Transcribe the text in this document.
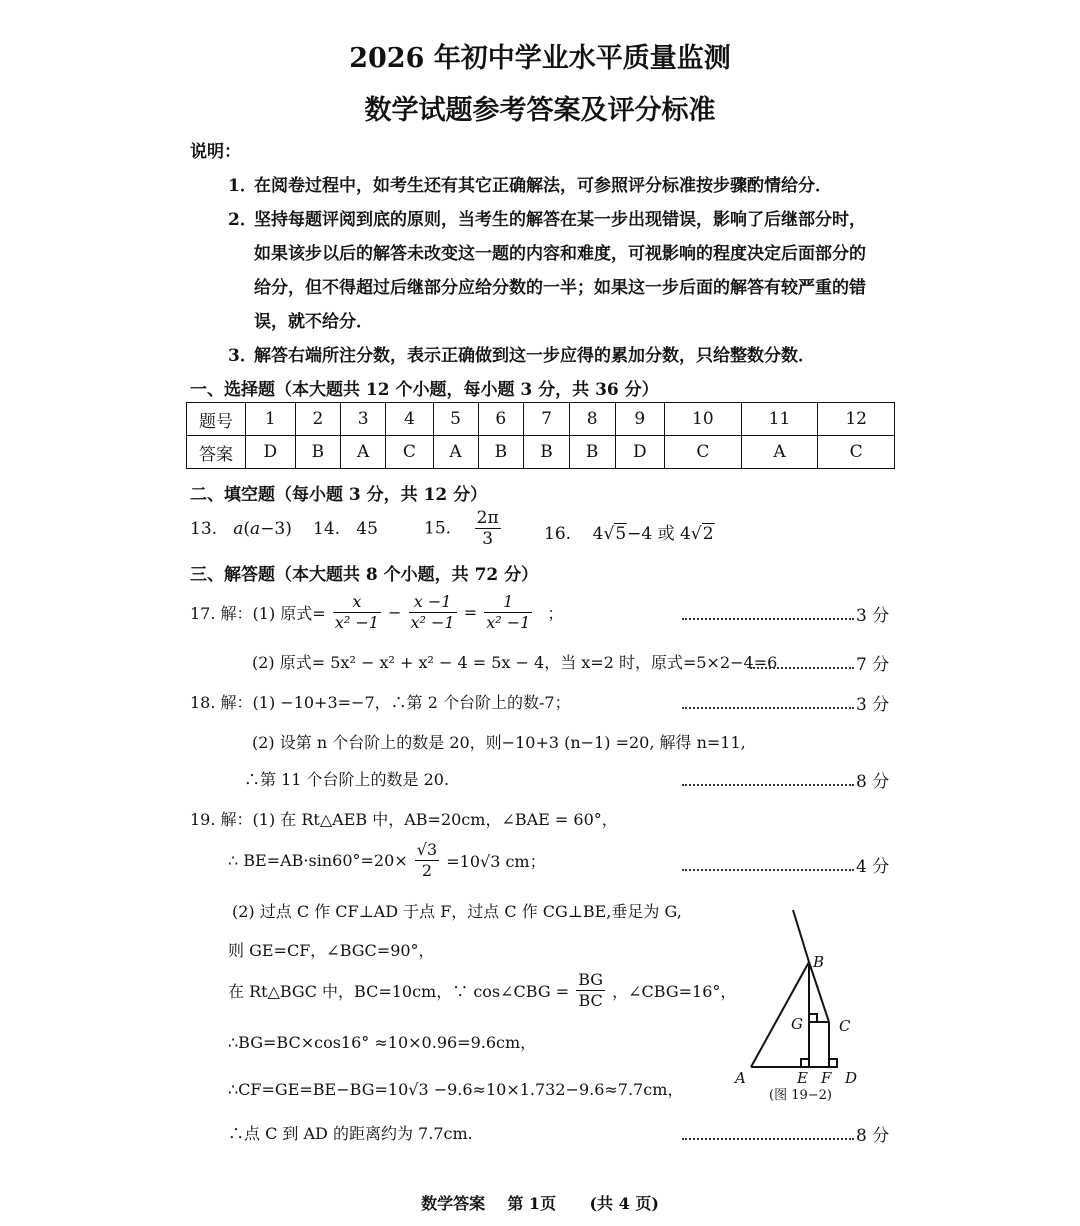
2026 年初中学业水平质量监测
数学试题参考答案及评分标准
说明：
1．
在阅卷过程中，如考生还有其它正确解法，可参照评分标准按步骤酌情给分．
2．
坚持每题评阅到底的原则，当考生的解答在某一步出现错误，影响了后继部分时，
如果该步以后的解答未改变这一题的内容和难度，可视影响的程度决定后面部分的
给分，但不得超过后继部分应给分数的一半；如果这一步后面的解答有较严重的错
误，就不给分．
3．
解答右端所注分数，表示正确做到这一步应得的累加分数，只给整数分数．
一、选择题（本大题共 12 个小题，每小题 3 分，共 36 分）
题号	1	2	3	4	5	6	7	8	9	10	11	12
答案	D	B	A	C	A	B	B	B	D	C	A	C
二、填空题（每小题 3 分，共 12 分）
13. a(a−3) 14. 45	15. $\frac{2\pi}{3}$	16. 4√5−4 或 4√2
三、解答题（本大题共 8 个小题，共 72 分）
17. 解：(1) 原式= $\frac{x}{\text{x² −1}} - \frac{x -1}{\text{x² −1}} = \frac{1}{\text{x² −1}}$ ；	3 分
(2) 原式= 5x² − x² + x² − 4 = 5x − 4，当 x=2 时，原式=5×2−4=6	7 分
18. 解：(1) −10+3=−7，∴第 2 个台阶上的数-7；	3 分
(2) 设第 n 个台阶上的数是 20，则−10+3 (n−1) =20, 解得 n=11,
∴第 11 个台阶上的数是 20.	8 分
19. 解：(1) 在 Rt△AEB 中，AB=20cm，∠BAE = 60°，
∴ $BE=AB\cdot\sin 60^\circ=20\times \frac{√3}{2} =10√3$ cm；	4 分
(2) 过点 C 作 CF⊥AD 于点 F，过点 C 作 CG⊥BE,垂足为 G,
则 GE=CF，∠BGC=90°，
在 Rt△BGC 中，BC=10cm，∵ cos∠CBG = $\frac{BG}{BC}$ ，∠CBG=16°，
∴BG=BC×cos16° ≈10×0.96=9.6cm，
∴CF=GE=BE−BG=10√3 −9.6≈10×1.732−9.6≈7.7cm，
∴点 C 到 AD 的距离约为 7.7cm.	8 分
A
B
C
D
E F
G
(图 19−2)
数学答案    第 1页      (共 4 页)
